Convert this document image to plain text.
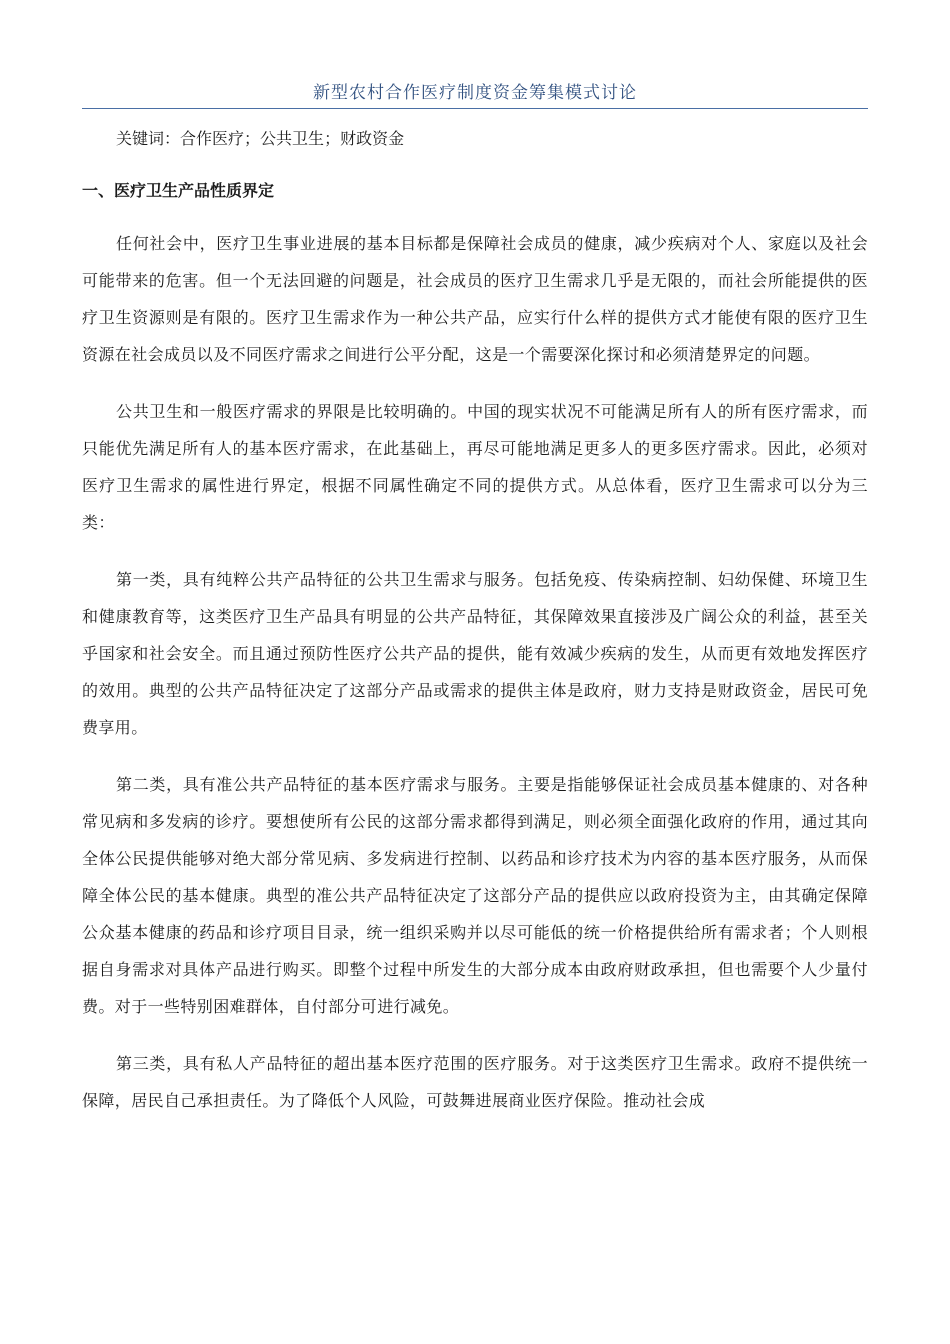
新型农村合作医疗制度资金筹集模式讨论
关键词：合作医疗；公共卫生；财政资金
一、医疗卫生产品性质界定

任何社会中，医疗卫生事业进展的基本目标都是保障社会成员的健康，减少疾病对个人、家庭以及社会可能带来的危害。但一个无法回避的问题是，社会成员的医疗卫生需求几乎是无限的，而社会所能提供的医疗卫生资源则是有限的。医疗卫生需求作为一种公共产品，应实行什么样的提供方式才能使有限的医疗卫生资源在社会成员以及不同医疗需求之间进行公平分配，这是一个需要深化探讨和必须清楚界定的问题。

公共卫生和一般医疗需求的界限是比较明确的。中国的现实状况不可能满足所有人的所有医疗需求，而只能优先满足所有人的基本医疗需求，在此基础上，再尽可能地满足更多人的更多医疗需求。因此，必须对医疗卫生需求的属性进行界定，根据不同属性确定不同的提供方式。从总体看，医疗卫生需求可以分为三类：

第一类，具有纯粹公共产品特征的公共卫生需求与服务。包括免疫、传染病控制、妇幼保健、环境卫生和健康教育等，这类医疗卫生产品具有明显的公共产品特征，其保障效果直接涉及广阔公众的利益，甚至关乎国家和社会安全。而且通过预防性医疗公共产品的提供，能有效减少疾病的发生，从而更有效地发挥医疗的效用。典型的公共产品特征决定了这部分产品或需求的提供主体是政府，财力支持是财政资金，居民可免费享用。

第二类，具有准公共产品特征的基本医疗需求与服务。主要是指能够保证社会成员基本健康的、对各种常见病和多发病的诊疗。要想使所有公民的这部分需求都得到满足，则必须全面强化政府的作用，通过其向全体公民提供能够对绝大部分常见病、多发病进行控制、以药品和诊疗技术为内容的基本医疗服务，从而保障全体公民的基本健康。典型的准公共产品特征决定了这部分产品的提供应以政府投资为主，由其确定保障公众基本健康的药品和诊疗项目目录，统一组织采购并以尽可能低的统一价格提供给所有需求者；个人则根据自身需求对具体产品进行购买。即整个过程中所发生的大部分成本由政府财政承担，但也需要个人少量付费。对于一些特别困难群体，自付部分可进行减免。

第三类，具有私人产品特征的超出基本医疗范围的医疗服务。对于这类医疗卫生需求。政府不提供统一保障，居民自己承担责任。为了降低个人风险，可鼓舞进展商业医疗保险。推动社会成
